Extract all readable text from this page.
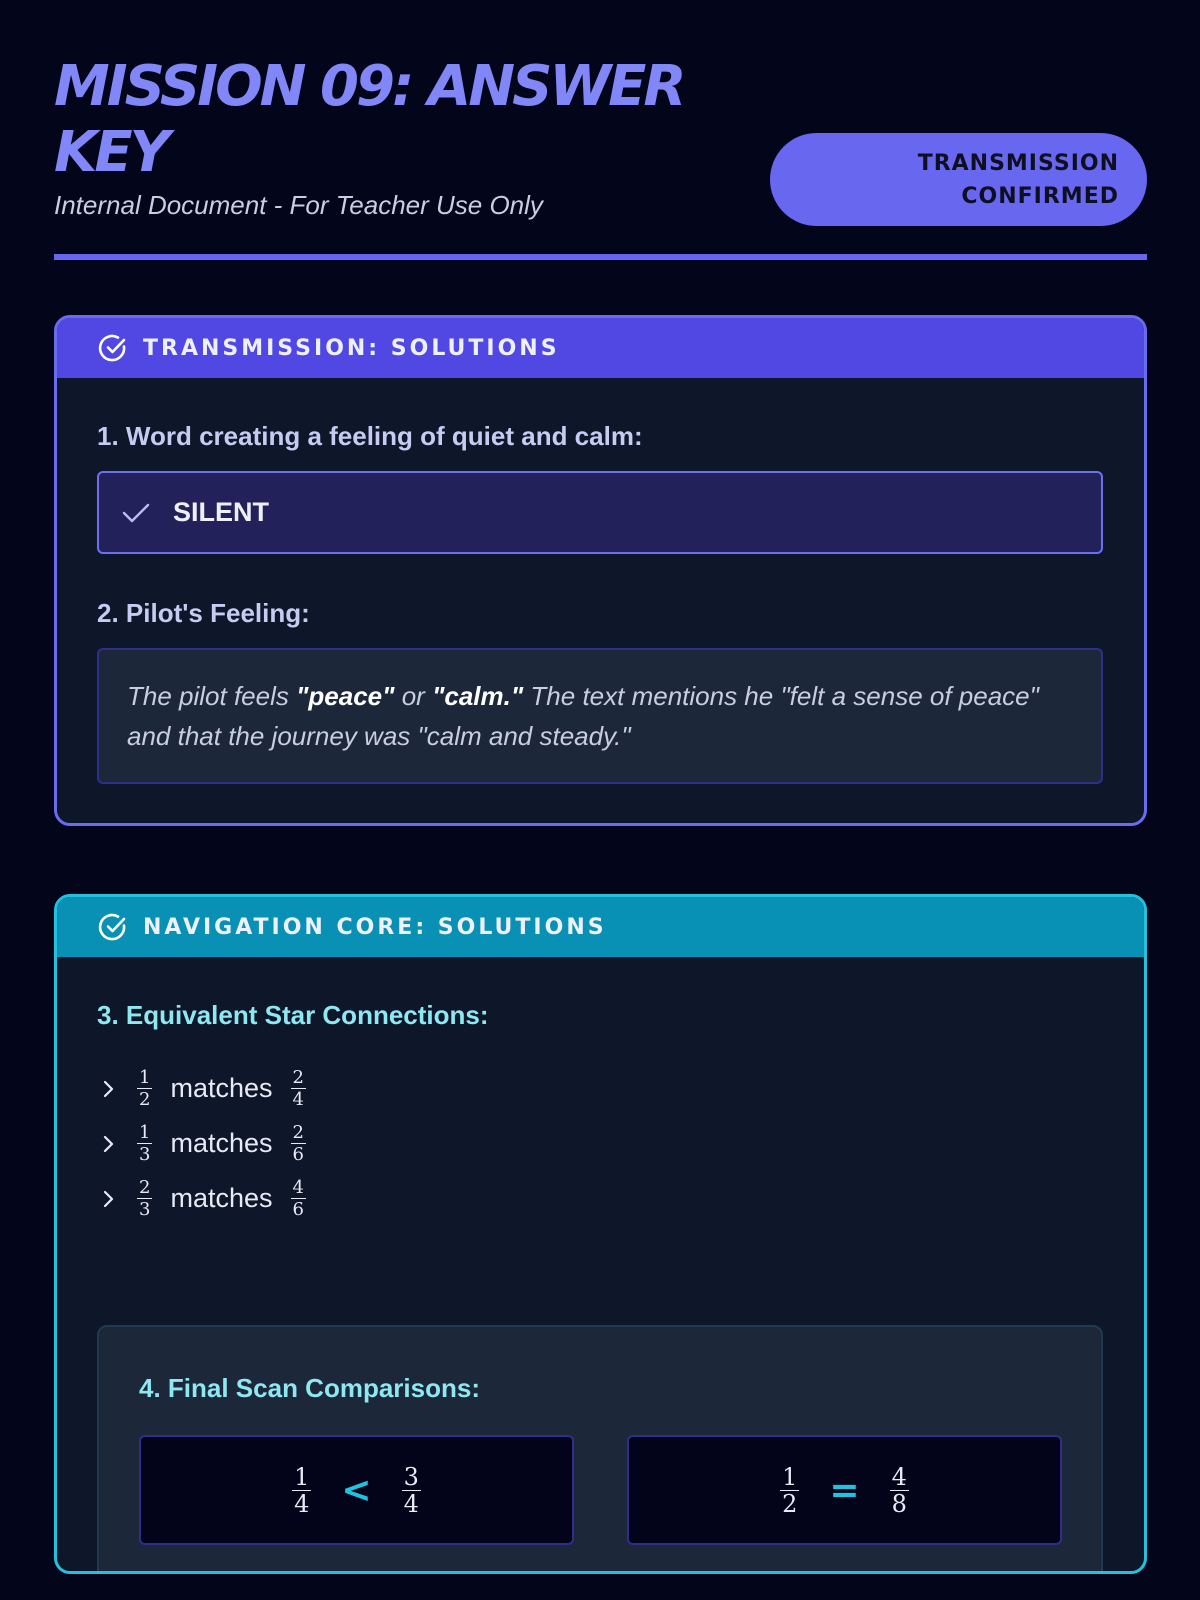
MISSION 09: ANSWER
KEY
Internal Document - For Teacher Use Only
TRANSMISSION
CONFIRMED
TRANSMISSION: SOLUTIONS
1. Word creating a feeling of quiet and calm:
SILENT
2. Pilot's Feeling:
The pilot feels "peace" or "calm." The text mentions he "felt a sense of peace" and that the journey was "calm and steady."
NAVIGATION CORE: SOLUTIONS
3. Equivalent Star Connections:
$\frac{1}{2}$ matches $\frac{2}{4}$
$\frac{1}{3}$ matches $\frac{2}{6}$
$\frac{2}{3}$ matches $\frac{4}{6}$
4. Final Scan Comparisons:
$\frac{1}{4} < \frac{3}{4}$	$\frac{1}{2} = \frac{4}{8}$
